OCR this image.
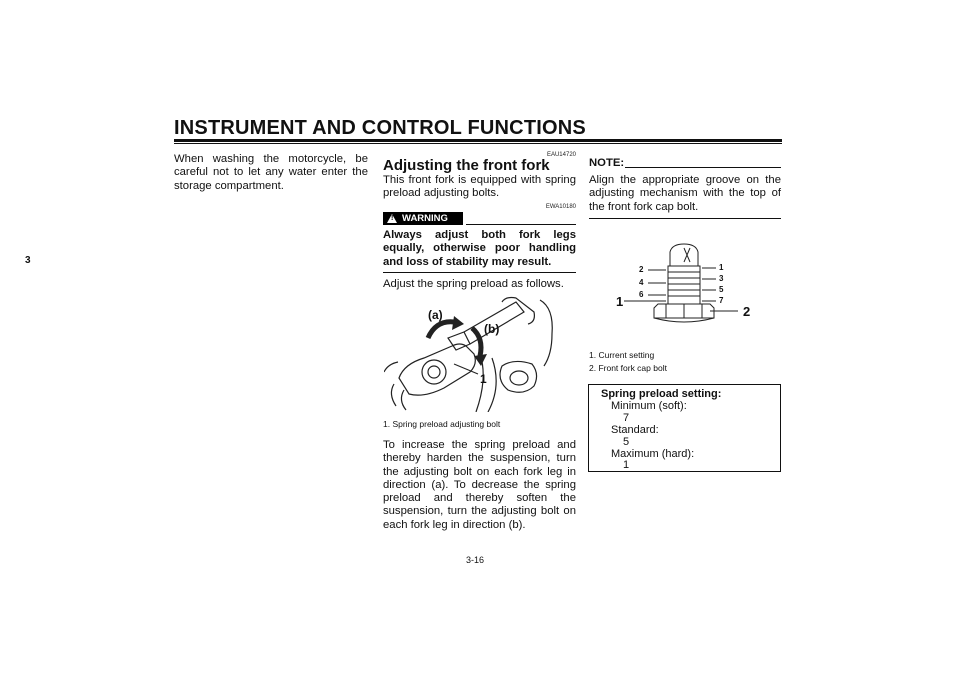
INSTRUMENT AND CONTROL FUNCTIONS
3
When washing the motorcycle, be careful not to let any water enter the storage compartment.
EAU14720
Adjusting the front fork
This front fork is equipped with spring preload adjusting bolts.
EWA10180
! WARNING
Always adjust both fork legs equally, otherwise poor handling and loss of stability may result.
Adjust the spring preload as follows.
(a)
(b)
1
1. Spring preload adjusting bolt
To increase the spring preload and thereby harden the suspension, turn the adjusting bolt on each fork leg in direction (a). To decrease the spring preload and thereby soften the suspension, turn the adjusting bolt on each fork leg in direction (b).
NOTE:
Align the appropriate groove on the adjusting mechanism with the top of the front fork cap bolt.
2
4
6
1
3
5
7
1
2
1. Current setting
2. Front fork cap bolt
Spring preload setting:
Minimum (soft):
7
Standard:
5
Maximum (hard):
1
3-16
